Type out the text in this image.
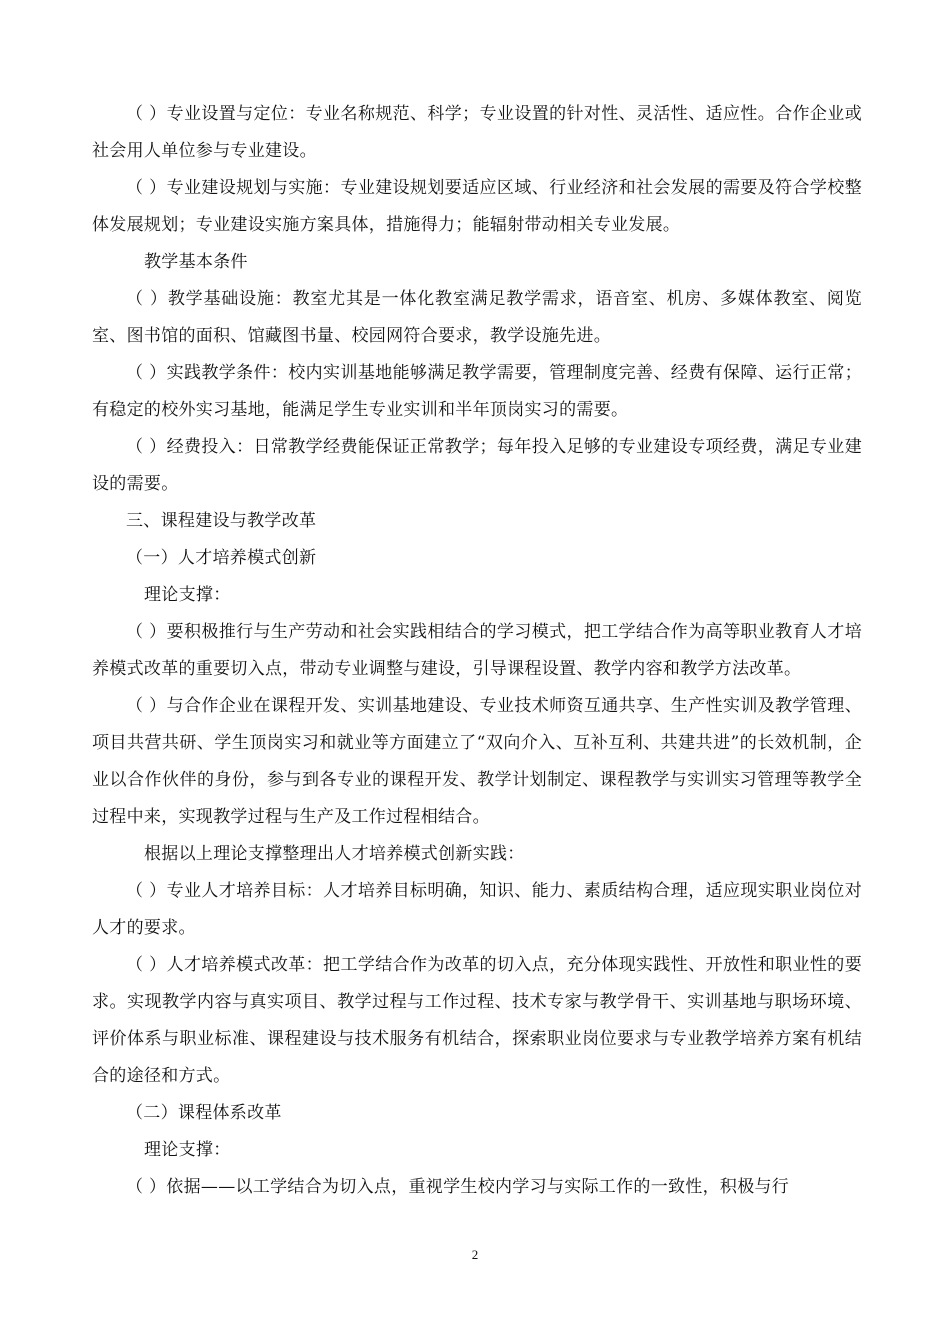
（ ）专业设置与定位：专业名称规范、科学；专业设置的针对性、灵活性、适应性。合作企业或社会用人单位参与专业建设。

（ ）专业建设规划与实施：专业建设规划要适应区域、行业经济和社会发展的需要及符合学校整体发展规划；专业建设实施方案具体，措施得力；能辐射带动相关专业发展。

教学基本条件

（ ）教学基础设施：教室尤其是一体化教室满足教学需求，语音室、机房、多媒体教室、阅览室、图书馆的面积、馆藏图书量、校园网符合要求，教学设施先进。

（ ）实践教学条件：校内实训基地能够满足教学需要，管理制度完善、经费有保障、运行正常；有稳定的校外实习基地，能满足学生专业实训和半年顶岗实习的需要。

（ ）经费投入：日常教学经费能保证正常教学；每年投入足够的专业建设专项经费，满足专业建设的需要。

三、课程建设与教学改革

（一）人才培养模式创新

理论支撑：

（ ）要积极推行与生产劳动和社会实践相结合的学习模式，把工学结合作为高等职业教育人才培养模式改革的重要切入点，带动专业调整与建设，引导课程设置、教学内容和教学方法改革。

（ ）与合作企业在课程开发、实训基地建设、专业技术师资互通共享、生产性实训及教学管理、项目共营共研、学生顶岗实习和就业等方面建立了“双向介入、互补互利、共建共进”的长效机制，企业以合作伙伴的身份，参与到各专业的课程开发、教学计划制定、课程教学与实训实习管理等教学全过程中来，实现教学过程与生产及工作过程相结合。

根据以上理论支撑整理出人才培养模式创新实践：

（ ）专业人才培养目标：人才培养目标明确，知识、能力、素质结构合理，适应现实职业岗位对人才的要求。

（ ）人才培养模式改革：把工学结合作为改革的切入点，充分体现实践性、开放性和职业性的要求。实现教学内容与真实项目、教学过程与工作过程、技术专家与教学骨干、实训基地与职场环境、评价体系与职业标准、课程建设与技术服务有机结合，探索职业岗位要求与专业教学培养方案有机结合的途径和方式。

（二）课程体系改革

理论支撑：

（ ）依据——以工学结合为切入点，重视学生校内学习与实际工作的一致性，积极与行

2
